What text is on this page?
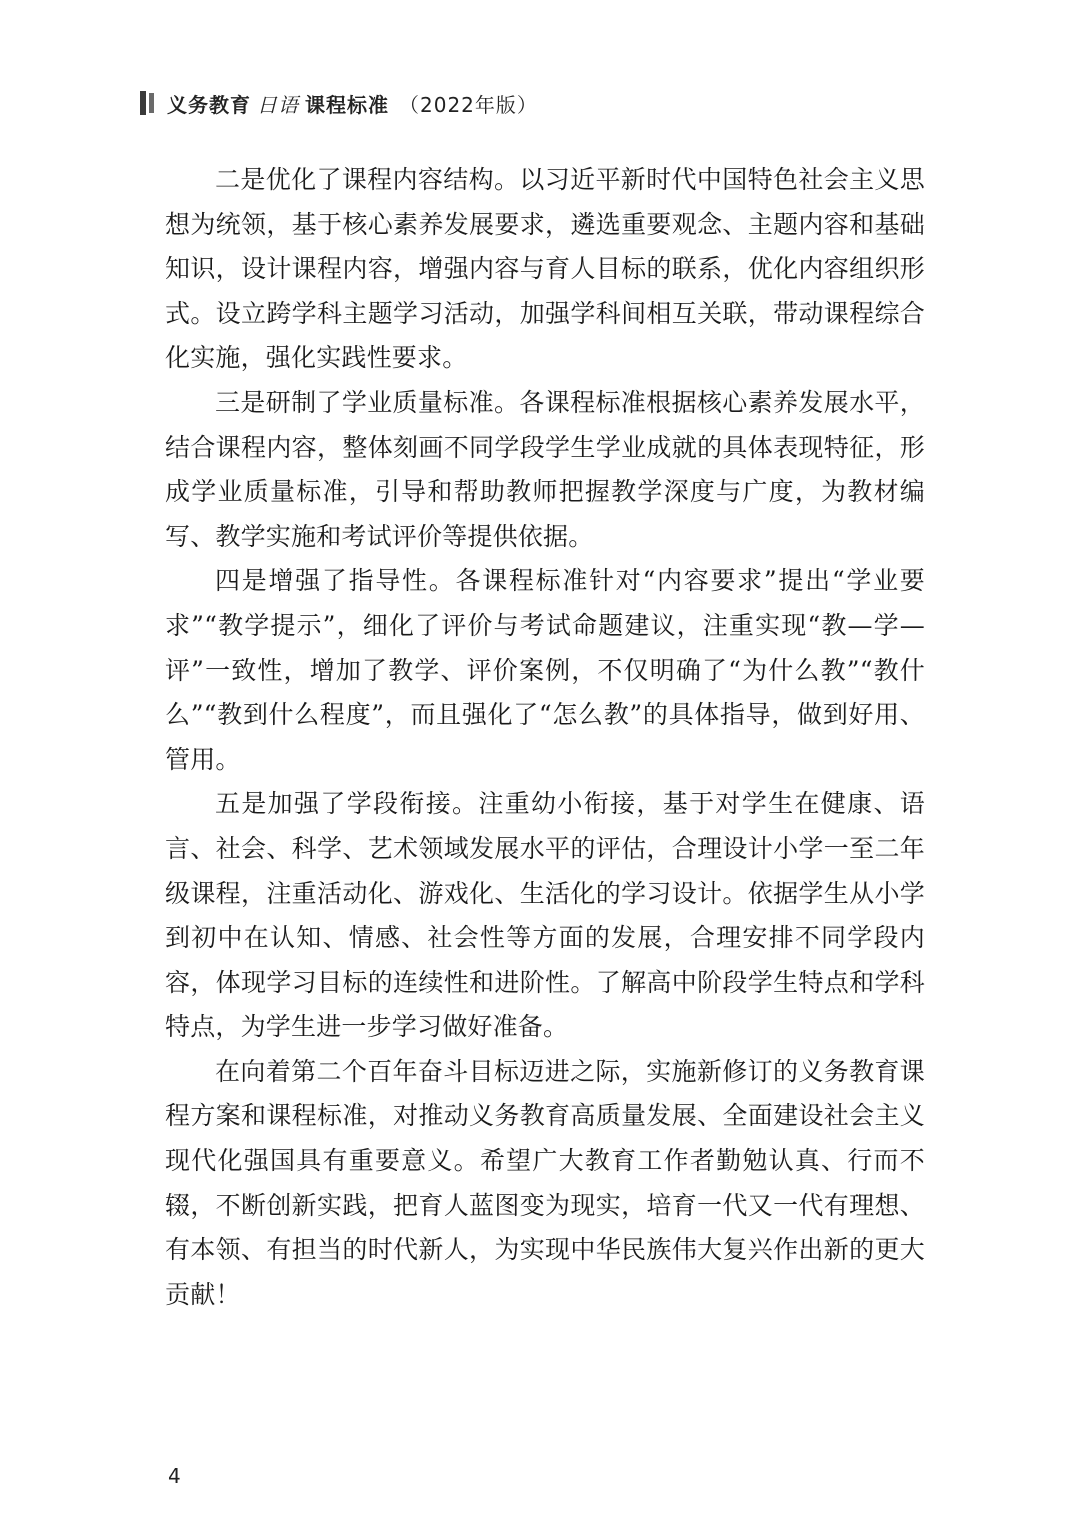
义务教育 日语 课程标准 （2022年版）

二是优化了课程内容结构。以习近平新时代中国特色社会主义思想为统领，基于核心素养发展要求，遴选重要观念、主题内容和基础知识，设计课程内容，增强内容与育人目标的联系，优化内容组织形式。设立跨学科主题学习活动，加强学科间相互关联，带动课程综合化实施，强化实践性要求。

三是研制了学业质量标准。各课程标准根据核心素养发展水平，结合课程内容，整体刻画不同学段学生学业成就的具体表现特征，形成学业质量标准，引导和帮助教师把握教学深度与广度，为教材编写、教学实施和考试评价等提供依据。

四是增强了指导性。各课程标准针对“内容要求”提出“学业要求”“教学提示”，细化了评价与考试命题建议，注重实现“教—学—评”一致性，增加了教学、评价案例，不仅明确了“为什么教”“教什么”“教到什么程度”，而且强化了“怎么教”的具体指导，做到好用、管用。

五是加强了学段衔接。注重幼小衔接，基于对学生在健康、语言、社会、科学、艺术领域发展水平的评估，合理设计小学一至二年级课程，注重活动化、游戏化、生活化的学习设计。依据学生从小学到初中在认知、情感、社会性等方面的发展，合理安排不同学段内容，体现学习目标的连续性和进阶性。了解高中阶段学生特点和学科特点，为学生进一步学习做好准备。

在向着第二个百年奋斗目标迈进之际，实施新修订的义务教育课程方案和课程标准，对推动义务教育高质量发展、全面建设社会主义现代化强国具有重要意义。希望广大教育工作者勤勉认真、行而不辍，不断创新实践，把育人蓝图变为现实，培育一代又一代有理想、有本领、有担当的时代新人，为实现中华民族伟大复兴作出新的更大贡献！

4
